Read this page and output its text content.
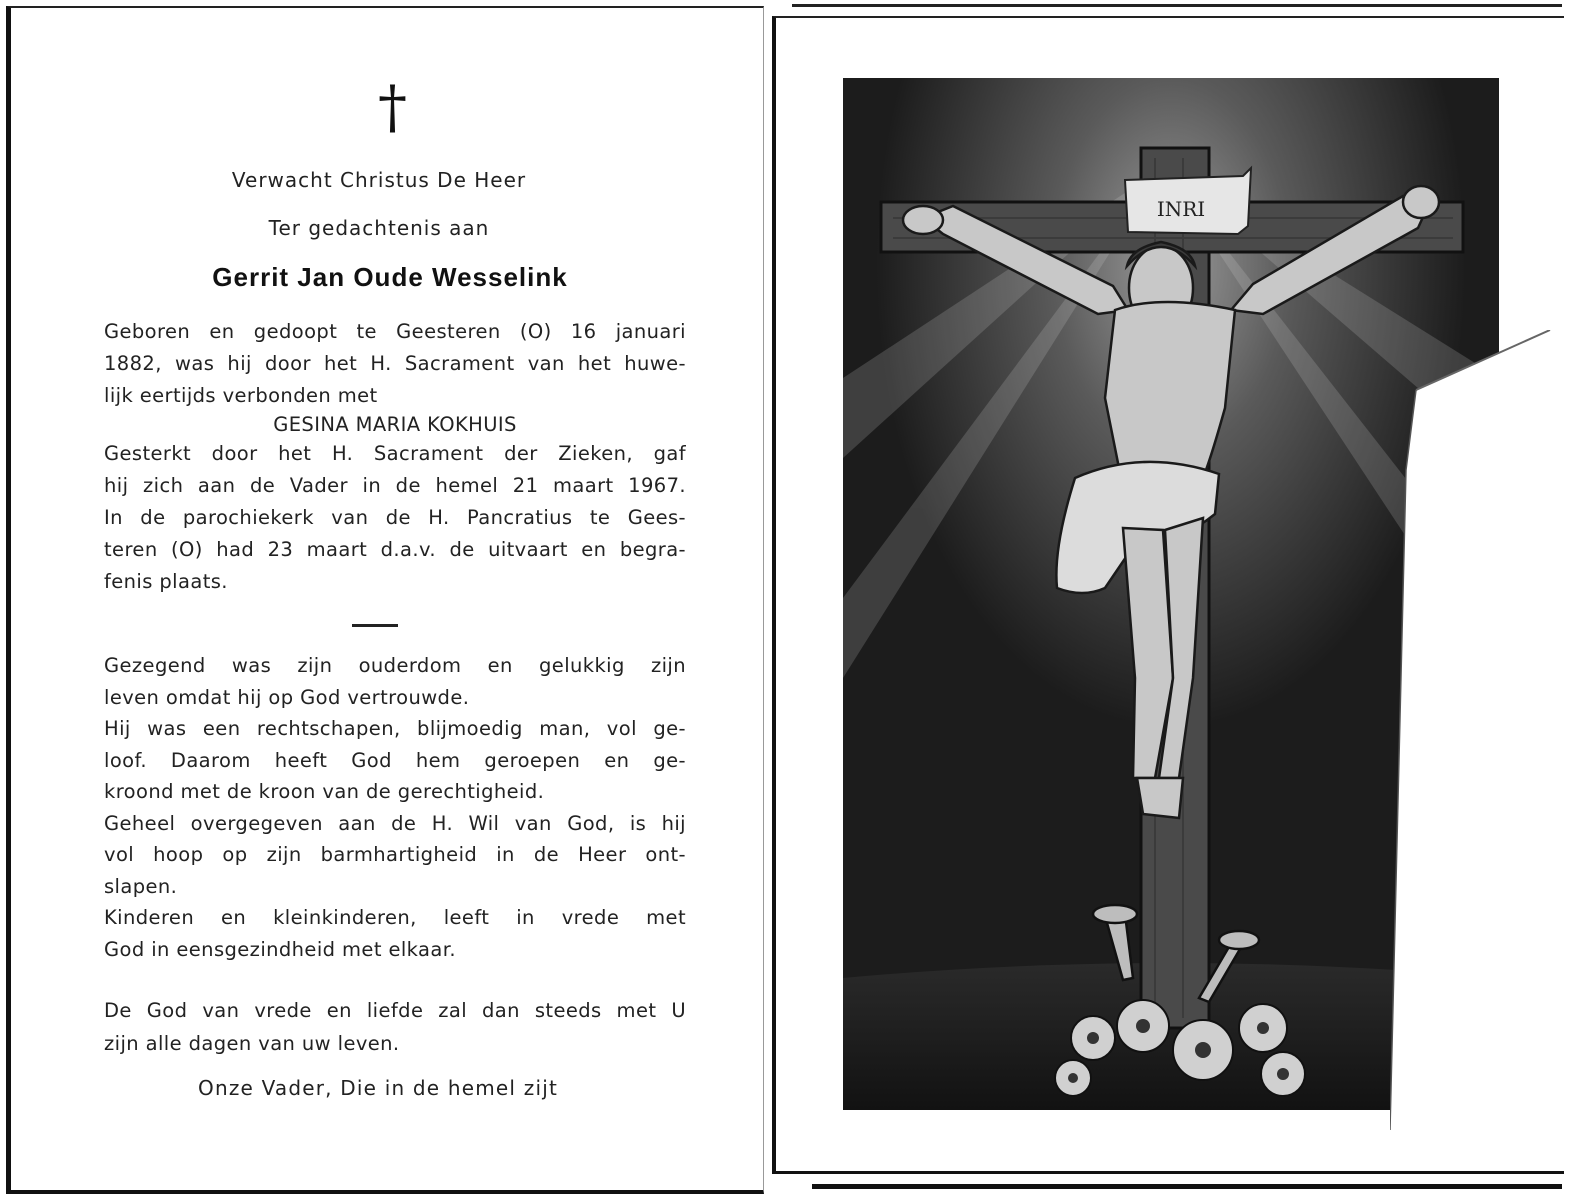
†
Verwacht Christus De Heer
Ter gedachtenis aan
Gerrit Jan Oude Wesselink
Geboren en gedoopt te Geesteren (O) 16 januari
1882, was hij door het H. Sacrament van het huwe-
lijk eertijds verbonden met
GESINA MARIA KOKHUIS
Gesterkt door het H. Sacrament der Zieken, gaf
hij zich aan de Vader in de hemel 21 maart 1967.
In de parochiekerk van de H. Pancratius te Gees-
teren (O) had 23 maart d.a.v. de uitvaart en begra-
fenis plaats.
Gezegend was zijn ouderdom en gelukkig zijn
leven omdat hij op God vertrouwde.
Hij was een rechtschapen, blijmoedig man, vol ge-
loof. Daarom heeft God hem geroepen en ge-
kroond met de kroon van de gerechtigheid.
Geheel overgegeven aan de H. Wil van God, is hij
vol hoop op zijn barmhartigheid in de Heer ont-
slapen.
Kinderen en kleinkinderen, leeft in vrede met
God in eensgezindheid met elkaar.
De God van vrede en liefde zal dan steeds met U
zijn alle dagen van uw leven.
Onze Vader, Die in de hemel zijt
INRI
